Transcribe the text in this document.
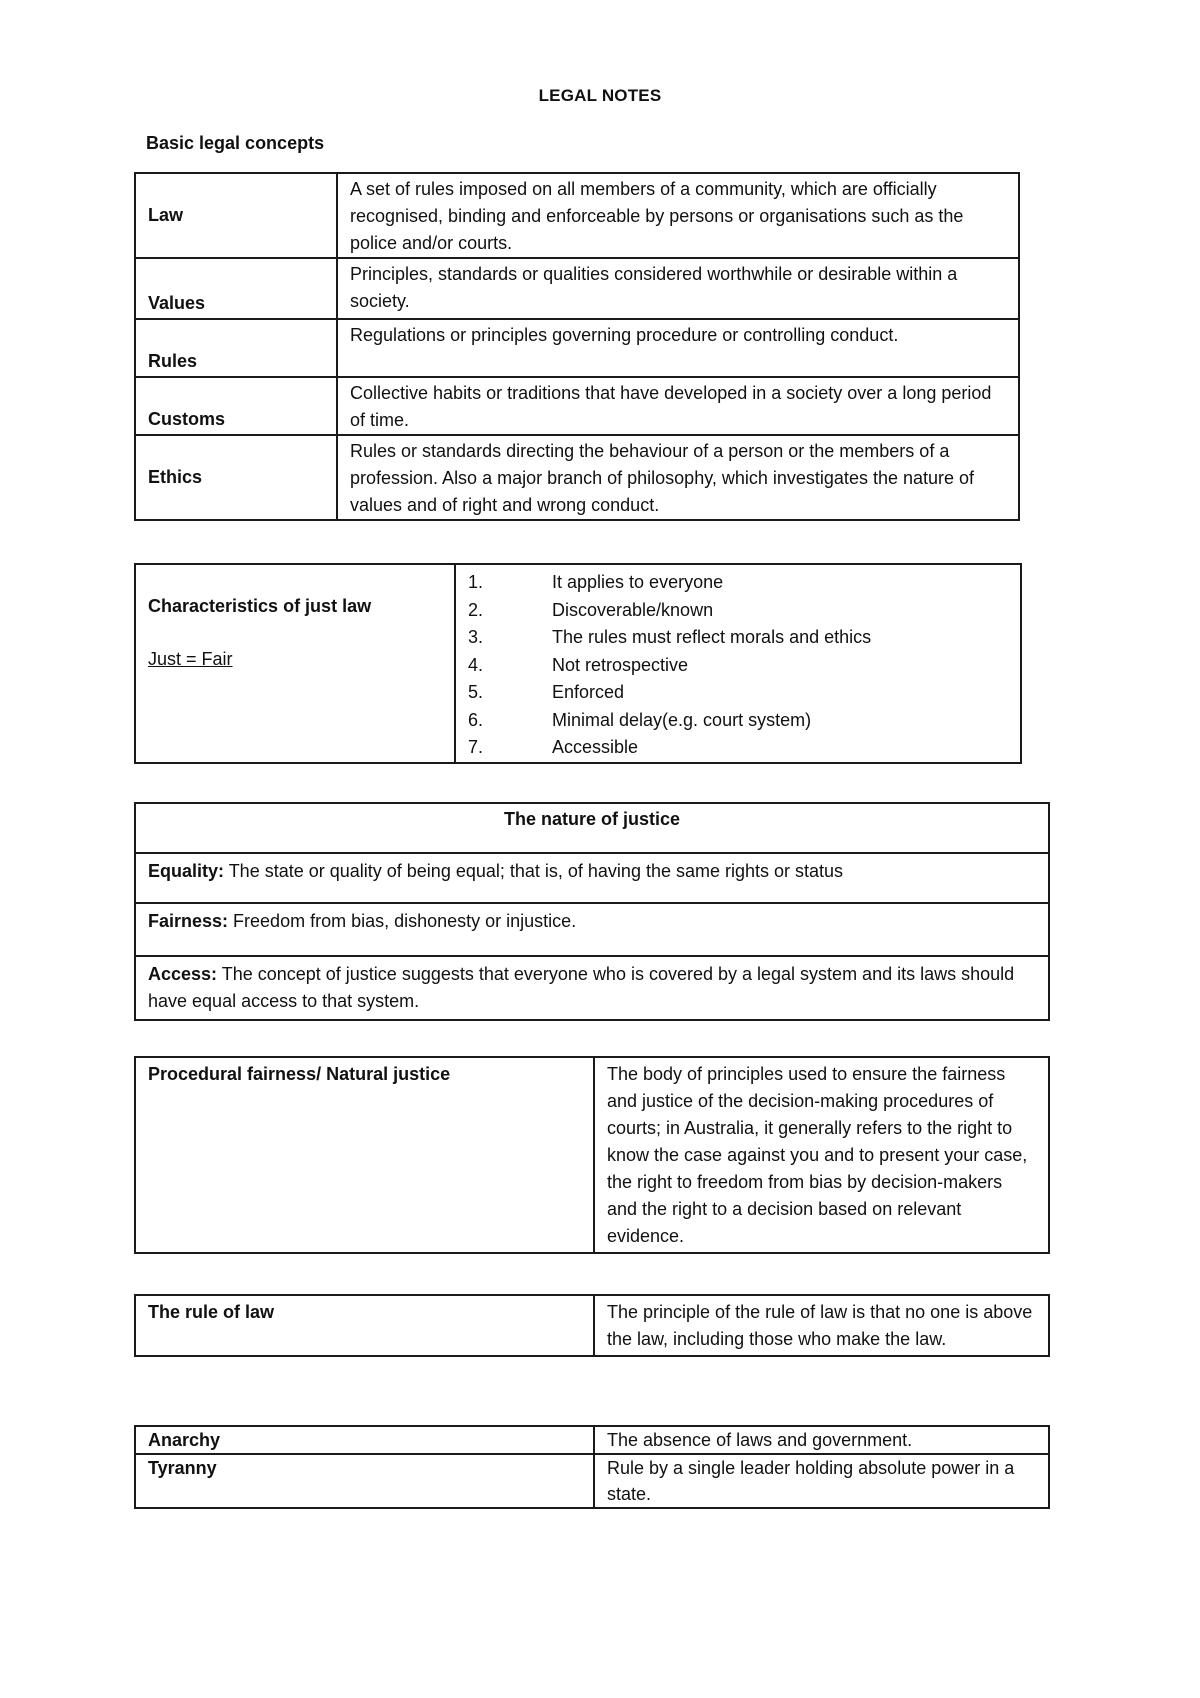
LEGAL NOTES
Basic legal concepts
Law	A set of rules imposed on all members of a community, which are officially recognised, binding and enforceable by persons or organisations such as the police and/or courts.
Values	Principles, standards or qualities considered worthwhile or desirable within a society.
Rules	Regulations or principles governing procedure or controlling conduct.
Customs	Collective habits or traditions that have developed in a society over a long period of time.
Ethics	Rules or standards directing the behaviour of a person or the members of a profession. Also a major branch of philosophy, which investigates the nature of values and of right and wrong conduct.
Characteristics of just law
Just = Fair	
1.	It applies to everyone
2.	Discoverable/known
3.	The rules must reflect morals and ethics
4.	Not retrospective
5.	Enforced
6.	Minimal delay(e.g. court system)
7.	Accessible
The nature of justice
Equality: The state or quality of being equal; that is, of having the same rights or status
Fairness: Freedom from bias, dishonesty or injustice.
Access: The concept of justice suggests that everyone who is covered by a legal system and its laws should have equal access to that system.
Procedural fairness/ Natural justice	The body of principles used to ensure the fairness and justice of the decision-making procedures of courts; in Australia, it generally refers to the right to know the case against you and to present your case, the right to freedom from bias by decision-makers and the right to a decision based on relevant evidence.
The rule of law	The principle of the rule of law is that no one is above the law, including those who make the law.
Anarchy	The absence of laws and government.
Tyranny	Rule by a single leader holding absolute power in a state.
